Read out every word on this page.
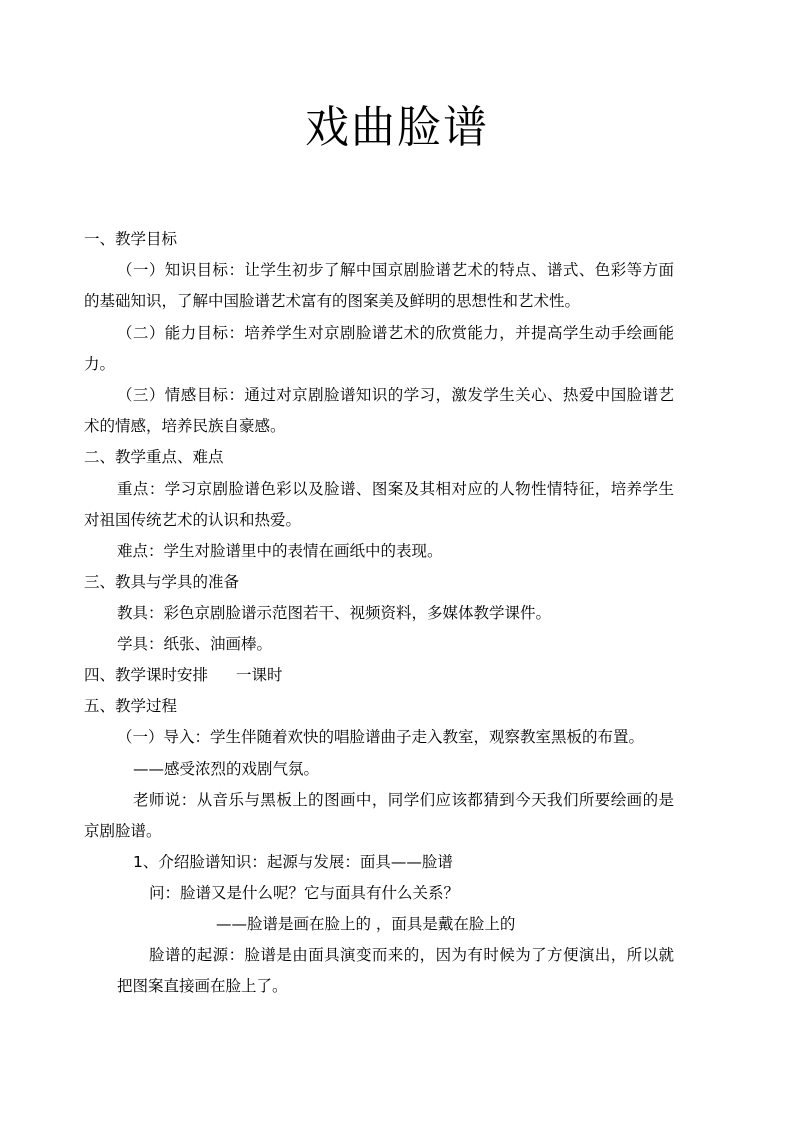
戏曲脸谱
一、教学目标
（一）知识目标：让学生初步了解中国京剧脸谱艺术的特点、谱式、色彩等方面
的基础知识，了解中国脸谱艺术富有的图案美及鲜明的思想性和艺术性。
（二）能力目标：培养学生对京剧脸谱艺术的欣赏能力，并提高学生动手绘画能
力。
（三）情感目标：通过对京剧脸谱知识的学习，激发学生关心、热爱中国脸谱艺
术的情感，培养民族自豪感。
二、教学重点、难点
重点：学习京剧脸谱色彩以及脸谱、图案及其相对应的人物性情特征，培养学生
对祖国传统艺术的认识和热爱。
难点：学生对脸谱里中的表情在画纸中的表现。
三、教具与学具的准备
教具：彩色京剧脸谱示范图若干、视频资料，多媒体教学课件。
学具：纸张、油画棒。
四、教学课时安排 一课时
五、教学过程
（一）导入：学生伴随着欢快的唱脸谱曲子走入教室，观察教室黑板的布置。
——感受浓烈的戏剧气氛。
老师说：从音乐与黑板上的图画中，同学们应该都猜到今天我们所要绘画的是
京剧脸谱。
1、介绍脸谱知识：起源与发展：面具——脸谱
问：脸谱又是什么呢？它与面具有什么关系？
——脸谱是画在脸上的 ，面具是戴在脸上的
脸谱的起源：脸谱是由面具演变而来的，因为有时候为了方便演出，所以就
把图案直接画在脸上了。
